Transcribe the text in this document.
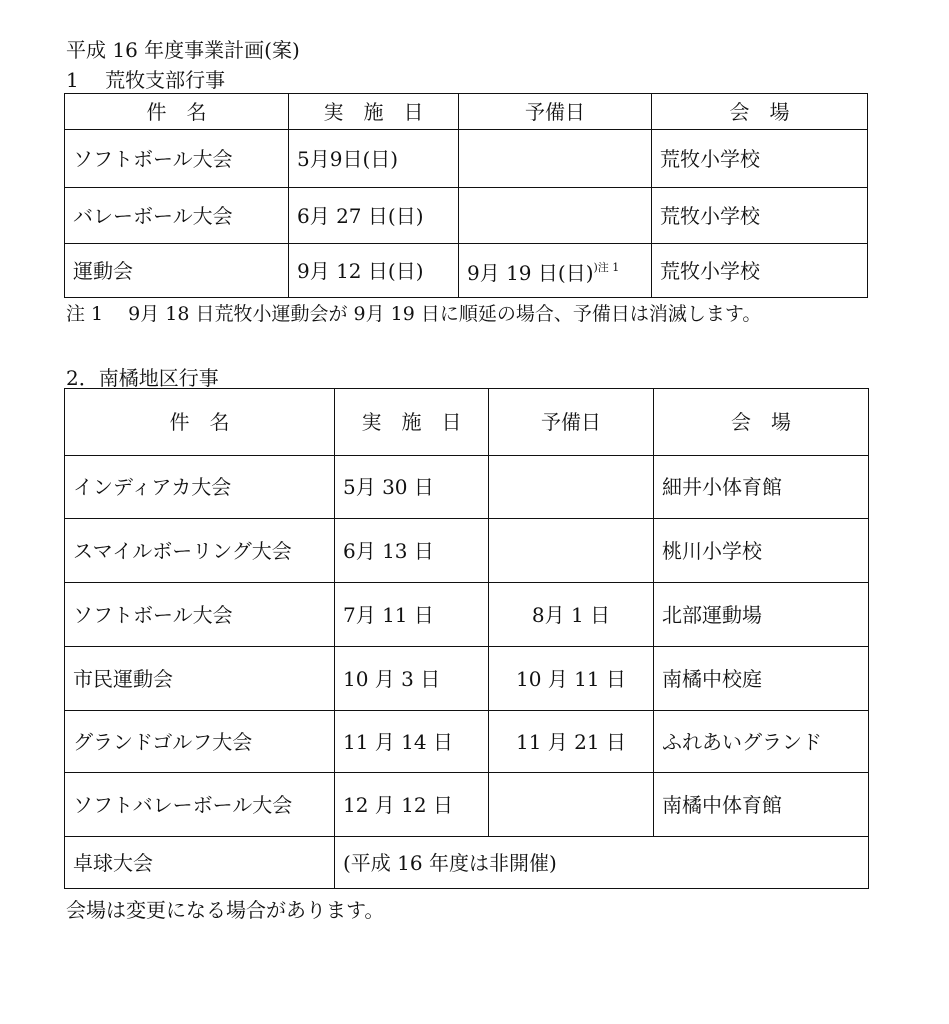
平成 16 年度事業計画(案)
1　 荒牧支部行事
件　名	実　施　日	予備日	会　場
ソフトボール大会	5月9日(日)		荒牧小学校
バレーボール大会	6月 27 日(日)		荒牧小学校
運動会	9月 12 日(日)	9月 19 日(日)$^{)注 1}$	荒牧小学校
注 1　 9月 18 日荒牧小運動会が 9月 19 日に順延の場合、予備日は消滅します。
2．南橘地区行事
件　名	実　施　日	予備日	会　場
インディアカ大会	5月 30 日		細井小体育館

スマイルボーリング大会	6月 13 日		桃川小学校
ソフトボール大会	7月 11 日	8月 1 日	北部運動場
市民運動会	10 月 3 日	10 月 11 日	南橘中校庭
グランドゴルフ大会	11 月 14 日	11 月 21 日	ふれあいグランド

ソフトバレーボール大会	12 月 12 日		南橘中体育館
卓球大会	(平成 16 年度は非開催)		
会場は変更になる場合があります。
